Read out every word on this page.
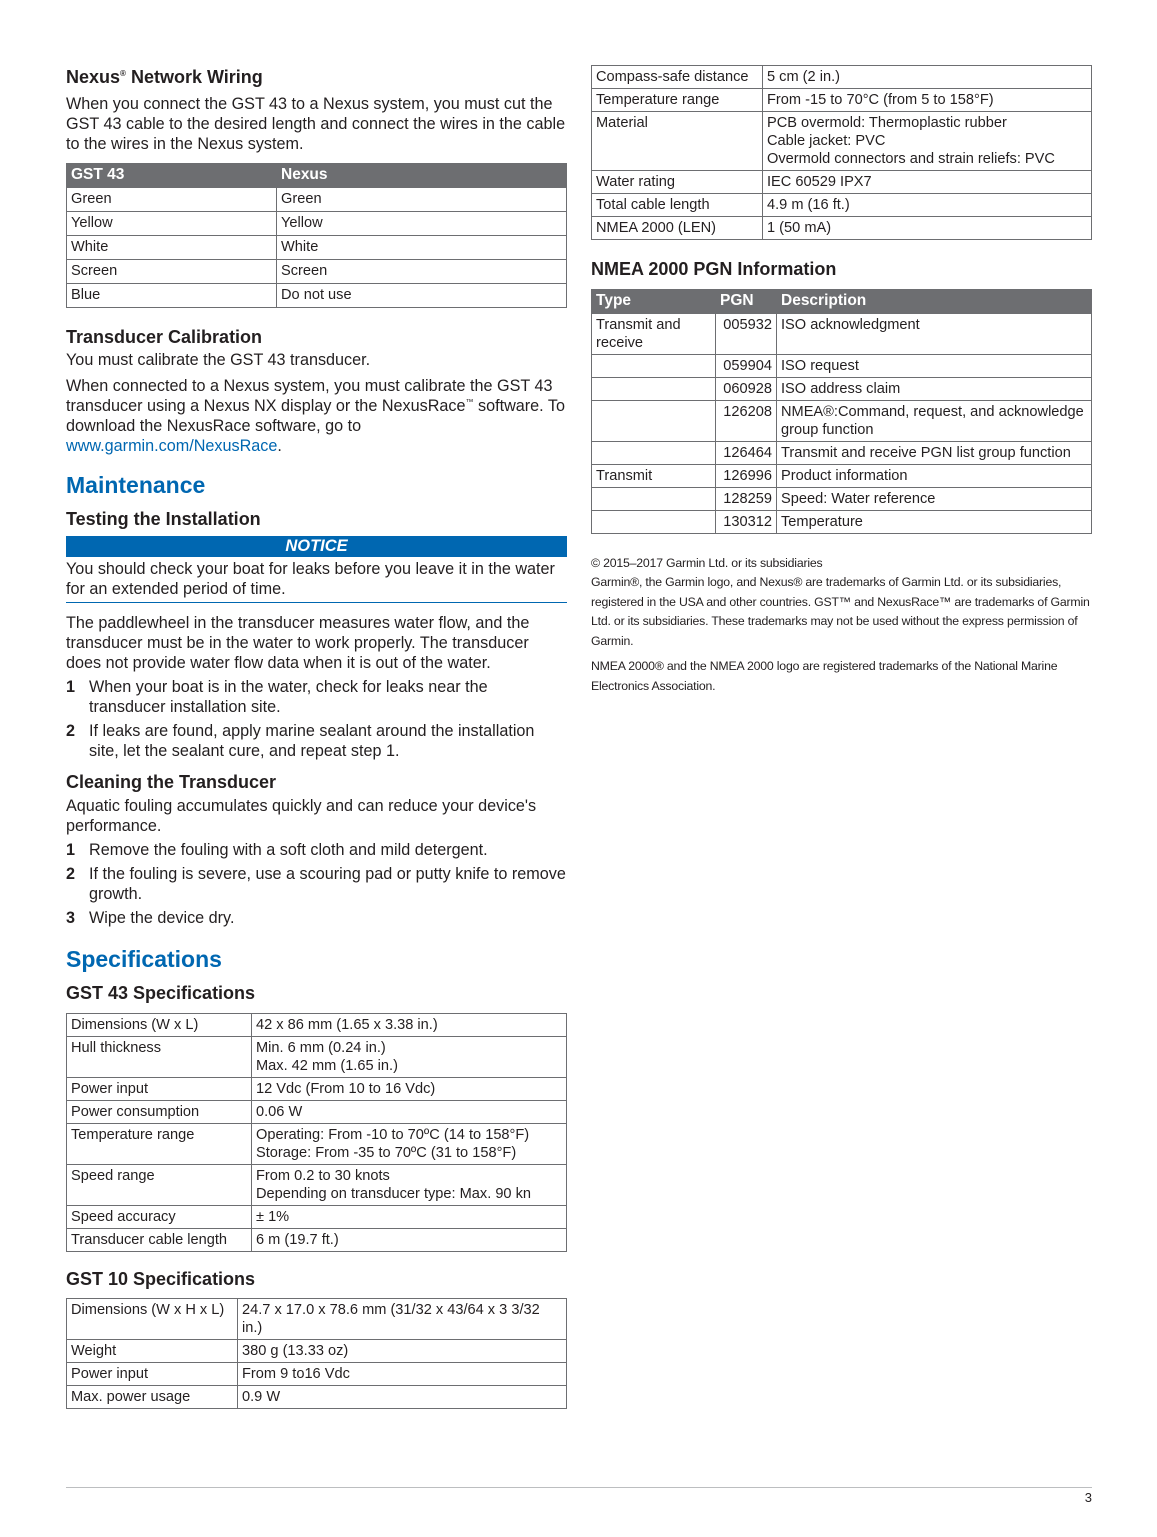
Nexus® Network Wiring

When you connect the GST 43 to a Nexus system, you must cut the GST 43 cable to the desired length and connect the wires in the cable to the wires in the Nexus system.

GST 43	Nexus
Green	Green
Yellow	Yellow
White	White
Screen	Screen
Blue	Do not use
Transducer Calibration

You must calibrate the GST 43 transducer.

When connected to a Nexus system, you must calibrate the GST 43 transducer using a Nexus NX display or the NexusRace™ software. To download the NexusRace software, go to www.garmin.com/NexusRace.

Maintenance
Testing the Installation
NOTICE

You should check your boat for leaks before you leave it in the water for an extended period of time.

The paddlewheel in the transducer measures water flow, and the transducer must be in the water to work properly. The transducer does not provide water flow data when it is out of the water.

1 When your boat is in the water, check for leaks near the transducer installation site.
2 If leaks are found, apply marine sealant around the installation site, let the sealant cure, and repeat step 1.
Cleaning the Transducer

Aquatic fouling accumulates quickly and can reduce your device's performance.

1 Remove the fouling with a soft cloth and mild detergent.
2 If the fouling is severe, use a scouring pad or putty knife to remove growth.
3 Wipe the device dry.
Specifications
GST 43 Specifications
Dimensions (W x L)	42 x 86 mm (1.65 x 3.38 in.)
Hull thickness	Min. 6 mm (0.24 in.)
Max. 42 mm (1.65 in.)
Power input	12 Vdc (From 10 to 16 Vdc)
Power consumption	0.06 W
Temperature range	Operating: From -10 to 70ºC (14 to 158°F)
Storage: From -35 to 70ºC (31 to 158°F)
Speed range	From 0.2 to 30 knots
Depending on transducer type: Max. 90 kn
Speed accuracy	± 1%
Transducer cable length	6 m (19.7 ft.)
GST 10 Specifications
Dimensions (W x H x L)	24.7 x 17.0 x 78.6 mm (31/32 x 43/64 x 3 3/32 in.)
Weight	380 g (13.33 oz)
Power input	From 9 to16 Vdc
Max. power usage	0.9 W
Compass-safe distance	5 cm (2 in.)
Temperature range	From -15 to 70°C (from 5 to 158°F)
Material	PCB overmold: Thermoplastic rubber
Cable jacket: PVC
Overmold connectors and strain reliefs: PVC
Water rating	IEC 60529 IPX7
Total cable length	4.9 m (16 ft.)
NMEA 2000 (LEN)	1 (50 mA)
NMEA 2000 PGN Information
Type	PGN	Description
Transmit and receive	005932	ISO acknowledgment
	059904	ISO request
	060928	ISO address claim
	126208	NMEA®:Command, request, and acknowledge group function
	126464	Transmit and receive PGN list group function
Transmit	126996	Product information
	128259	Speed: Water reference
	130312	Temperature
© 2015–2017 Garmin Ltd. or its subsidiaries
Garmin®, the Garmin logo, and Nexus® are trademarks of Garmin Ltd. or its subsidiaries, registered in the USA and other countries. GST™ and NexusRace™ are trademarks of Garmin Ltd. or its subsidiaries. These trademarks may not be used without the express permission of Garmin.
NMEA 2000® and the NMEA 2000 logo are registered trademarks of the National Marine Electronics Association.
3
